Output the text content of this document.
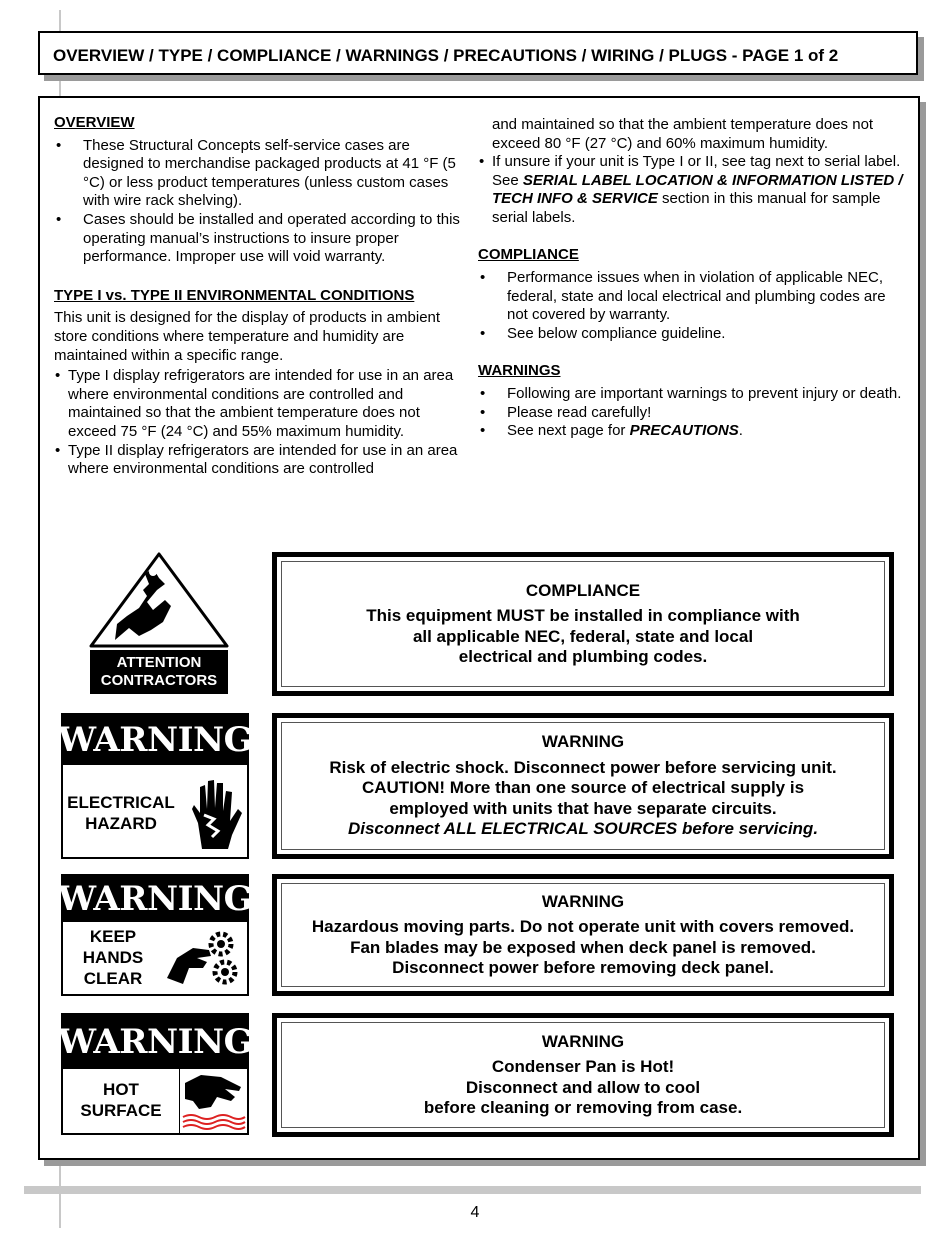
OVERVIEW / TYPE / COMPLIANCE / WARNINGS / PRECAUTIONS / WIRING / PLUGS - PAGE 1 of 2

OVERVIEW

• These Structural Concepts self-service cases are designed to merchandise packaged products at 41 °F (5 °C) or less product temperatures (unless custom cases with wire rack shelving).
• Cases should be installed and operated according to this operating manual’s instructions to insure proper performance. Improper use will void warranty.

TYPE I vs. TYPE II ENVIRONMENTAL CONDITIONS

This unit is designed for the display of products in ambient store conditions where temperature and humidity are maintained within a specific range.

• Type I display refrigerators are intended for use in an area where environmental conditions are controlled and maintained so that the ambient temperature does not exceed 75 °F (24 °C) and 55% maximum humidity.
• Type II display refrigerators are intended for use in an area where environmental conditions are controlled

and maintained so that the ambient temperature does not exceed 80 °F (27 °C) and 60% maximum humidity.

• If unsure if your unit is Type I or II, see tag next to serial label. See SERIAL LABEL LOCATION & INFORMATION LISTED / TECH INFO & SERVICE section in this manual for sample serial labels.

COMPLIANCE

• Performance issues when in violation of applicable NEC, federal, state and local electrical and plumbing codes are not covered by warranty.
• See below compliance guideline.

WARNINGS

• Following are important warnings to prevent injury or death.
• Please read carefully!
• See next page for PRECAUTIONS.
ATTENTION
CONTRACTORS
COMPLIANCE
This equipment MUST be installed in compliance with
all applicable NEC, federal, state and local
electrical and plumbing codes.
WARNING
ELECTRICAL
HAZARD
WARNING
Risk of electric shock. Disconnect power before servicing unit.
CAUTION! More than one source of electrical supply is
employed with units that have separate circuits.
Disconnect ALL ELECTRICAL SOURCES before servicing.
WARNING
KEEP
HANDS
CLEAR
WARNING
Hazardous moving parts. Do not operate unit with covers removed.
Fan blades may be exposed when deck panel is removed.
Disconnect power before removing deck panel.
WARNING
HOT
SURFACE
WARNING
Condenser Pan is Hot!
Disconnect and allow to cool
before cleaning or removing from case.
4
